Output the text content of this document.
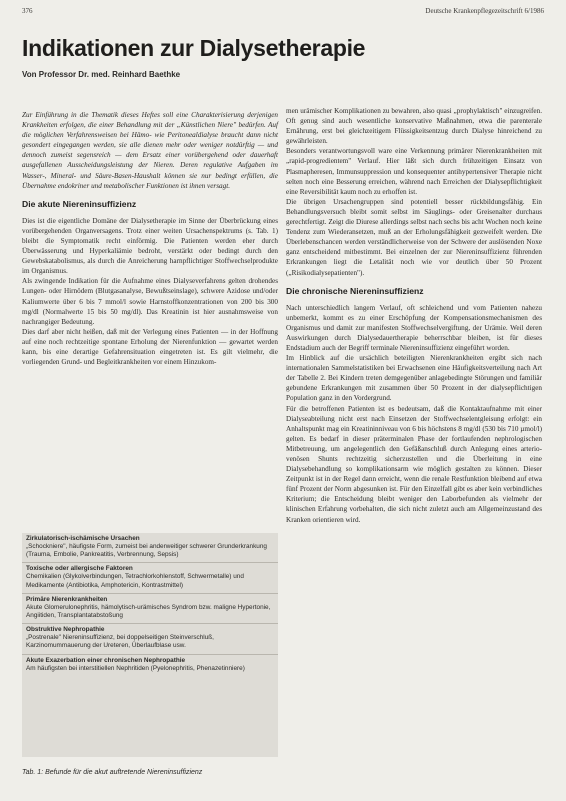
376	Deutsche Krankenpflegezeitschrift 6/1986
Indikationen zur Dialysetherapie
Von Professor Dr. med. Reinhard Baethke

Zur Einführung in die Thematik dieses Heftes soll eine Charakterisierung derjenigen Krankheiten erfolgen, die einer Behandlung mit der „Künstlichen Niere" bedürfen. Auf die möglichen Verfahrensweisen bei Hämo- wie Peritonealdialyse braucht dann nicht gesondert eingegangen werden, sie alle dienen mehr oder weniger notdürftig — und dennoch zumeist segensreich — dem Ersatz einer vorübergehend oder dauerhaft ausgefallenen Ausscheidungsleistung der Nieren. Deren regulative Aufgaben im Wasser-, Mineral- und Säure-Basen-Haushalt können sie nur bedingt erfüllen, die Übernahme endokriner und metabolischer Funktionen ist ihnen versagt.

Die akute Niereninsuffizienz

Dies ist die eigentliche Domäne der Dialysetherapie im Sinne der Überbrückung eines vorübergehenden Organversagens. Trotz einer weiten Ursachenspektrums (s. Tab. 1) bleibt die Symptomatik recht einförmig. Die Patienten werden eher durch Überwässerung und Hyperkaliämie bedroht, verstärkt oder bedingt durch den Gewebskatabolismus, als durch die Anreicherung harnpflichtiger Stoffwechselprodukte im Organismus.

Als zwingende Indikation für die Aufnahme eines Dialyseverfahrens gelten drohendes Lungen- oder Hirnödem (Blutgasanalyse, Bewußtseinslage), schwere Azidose und/oder Kaliumwerte über 6 bis 7 mmol/l sowie Harnstoffkonzentrationen von 200 bis 300 mg/dl (Normalwerte 15 bis 50 mg/dl). Das Kreatinin ist hier ausnahmsweise von nachrangiger Bedeutung.

Dies darf aber nicht heißen, daß mit der Verlegung eines Patienten — in der Hoffnung auf eine noch rechtzeitige spontane Erholung der Nierenfunktion — gewartet werden kann, bis eine derartige Gefahrensituation eingetreten ist. Es gilt vielmehr, die vorliegenden Grund- und Begleitkrankheiten vor einem Hinzukom-

Zirkulatorisch-ischämische Ursachen
„Schockniere", häufigste Form, zumeist bei anderweitiger schwerer Grunderkrankung (Trauma, Embolie, Pankreatitis, Verbrennung, Sepsis)
Toxische oder allergische Faktoren
Chemikalien (Glykolverbindungen, Tetrachlorkohlenstoff, Schwermetalle) und Medikamente (Antibiotika, Amphotericin, Kontrastmittel)
Primäre Nierenkrankheiten
Akute Glomerulonephritis, hämolytisch-urämisches Syndrom bzw. maligne Hypertonie, Angiitiden, Transplantatabstoßung
Obstruktive Nephropathie
„Postrenale" Niereninsuffizienz, bei doppelseitigen Steinverschluß, Karzinomummauerung der Ureteren, Überlaufblase usw.
Akute Exazerbation einer chronischen Nephropathie
Am häufigsten bei interstitiellen Nephritiden (Pyelonephritis, Phenazetinniere)
Tab. 1: Befunde für die akut auftretende Niereninsuffizienz

men urämischer Komplikationen zu bewahren, also quasi „prophylaktisch" einzugreifen. Oft genug sind auch wesentliche konservative Maßnahmen, etwa die parenterale Ernährung, erst bei gleichzeitigem Flüssigkeitsentzug durch Dialyse hinreichend zu gewährleisten.

Besonders verantwortungsvoll ware eine Verkennung primärer Nierenkrankheiten mit „rapid-progredientem" Verlauf. Hier läßt sich durch frühzeitigen Einsatz von Plasmapheresen, Immunsuppression und konsequenter antihypertensiver Therapie nicht selten noch eine Besserung erreichen, während nach Erreichen der Dialysepflichtigkeit eine Reversibilität kaum noch zu erhoffen ist.

Die übrigen Ursachengruppen sind potentiell besser rückbildungsfähig. Ein Behandlungsversuch bleibt somit selbst im Säuglings- oder Greisenalter durchaus gerechtfertigt. Zeigt die Diurese allerdings selbst nach sechs bis acht Wochen noch keine Tendenz zum Wiederansetzen, muß an der Erholungsfähigkeit gezweifelt werden. Die Überlebenschancen werden verständlicherweise von der Schwere der auslösenden Noxe ganz entscheidend mitbestimmt. Bei einzelnen der zur Niereninsuffizienz führenden Erkrankungen liegt die Letalität noch wie vor deutlich über 50 Prozent („Risikodialysepatienten").

Die chronische Niereninsuffizienz

Nach unterschiedlich langem Verlauf, oft schleichend und vom Patienten nahezu unbemerkt, kommt es zu einer Erschöpfung der Kompensationsmechanismen des Organismus und damit zur manifesten Stoffwechselvergiftung, der Urämie. Weil deren Auswirkungen durch Dialysedauertherapie beherrschbar bleiben, ist für dieses Endstadium auch der Begriff terminale Niereninsuffizienz eingeführt worden.

Im Hinblick auf die ursächlich beteiligten Nierenkrankheiten ergibt sich nach internationalen Sammelstatistiken bei Erwachsenen eine Häufigkeitsverteilung nach Art der Tabelle 2. Bei Kindern treten demgegenüber anlagebedingte Störungen und familiär gebundene Erkrankungen mit zusammen über 50 Prozent in der dialysepflichtigen Population ganz in den Vordergrund.

Für die betroffenen Patienten ist es bedeutsam, daß die Kontaktaufnahme mit einer Dialyseabteilung nicht erst nach Einsetzen der Stoffwechselentgleisung erfolgt: ein Anhaltspunkt mag ein Kreatininniveau von 6 bis höchstens 8 mg/dl (530 bis 710 µmol/l) gelten. Es bedarf in dieser präterminalen Phase der fortlaufenden nephrologischen Mitbetreuung, um angelegentlich den Gefäßanschluß durch Anlegung eines arterio-venösen Shunts rechtzeitig sicherzustellen und die Überleitung in eine Dialysebehandlung so komplikationsarm wie möglich gestalten zu können. Dieser Zeitpunkt ist in der Regel dann erreicht, wenn die renale Restfunktion bleibend auf etwa fünf Prozent der Norm abgesunken ist. Für den Einzelfall gibt es aber kein verbindliches Kriterium; die Entscheidung bleibt weniger den Laborbefunden als vielmehr der klinischen Erfahrung vorbehalten, die sich nicht zuletzt auch am Allgemeinzustand des Kranken orientieren wird.
